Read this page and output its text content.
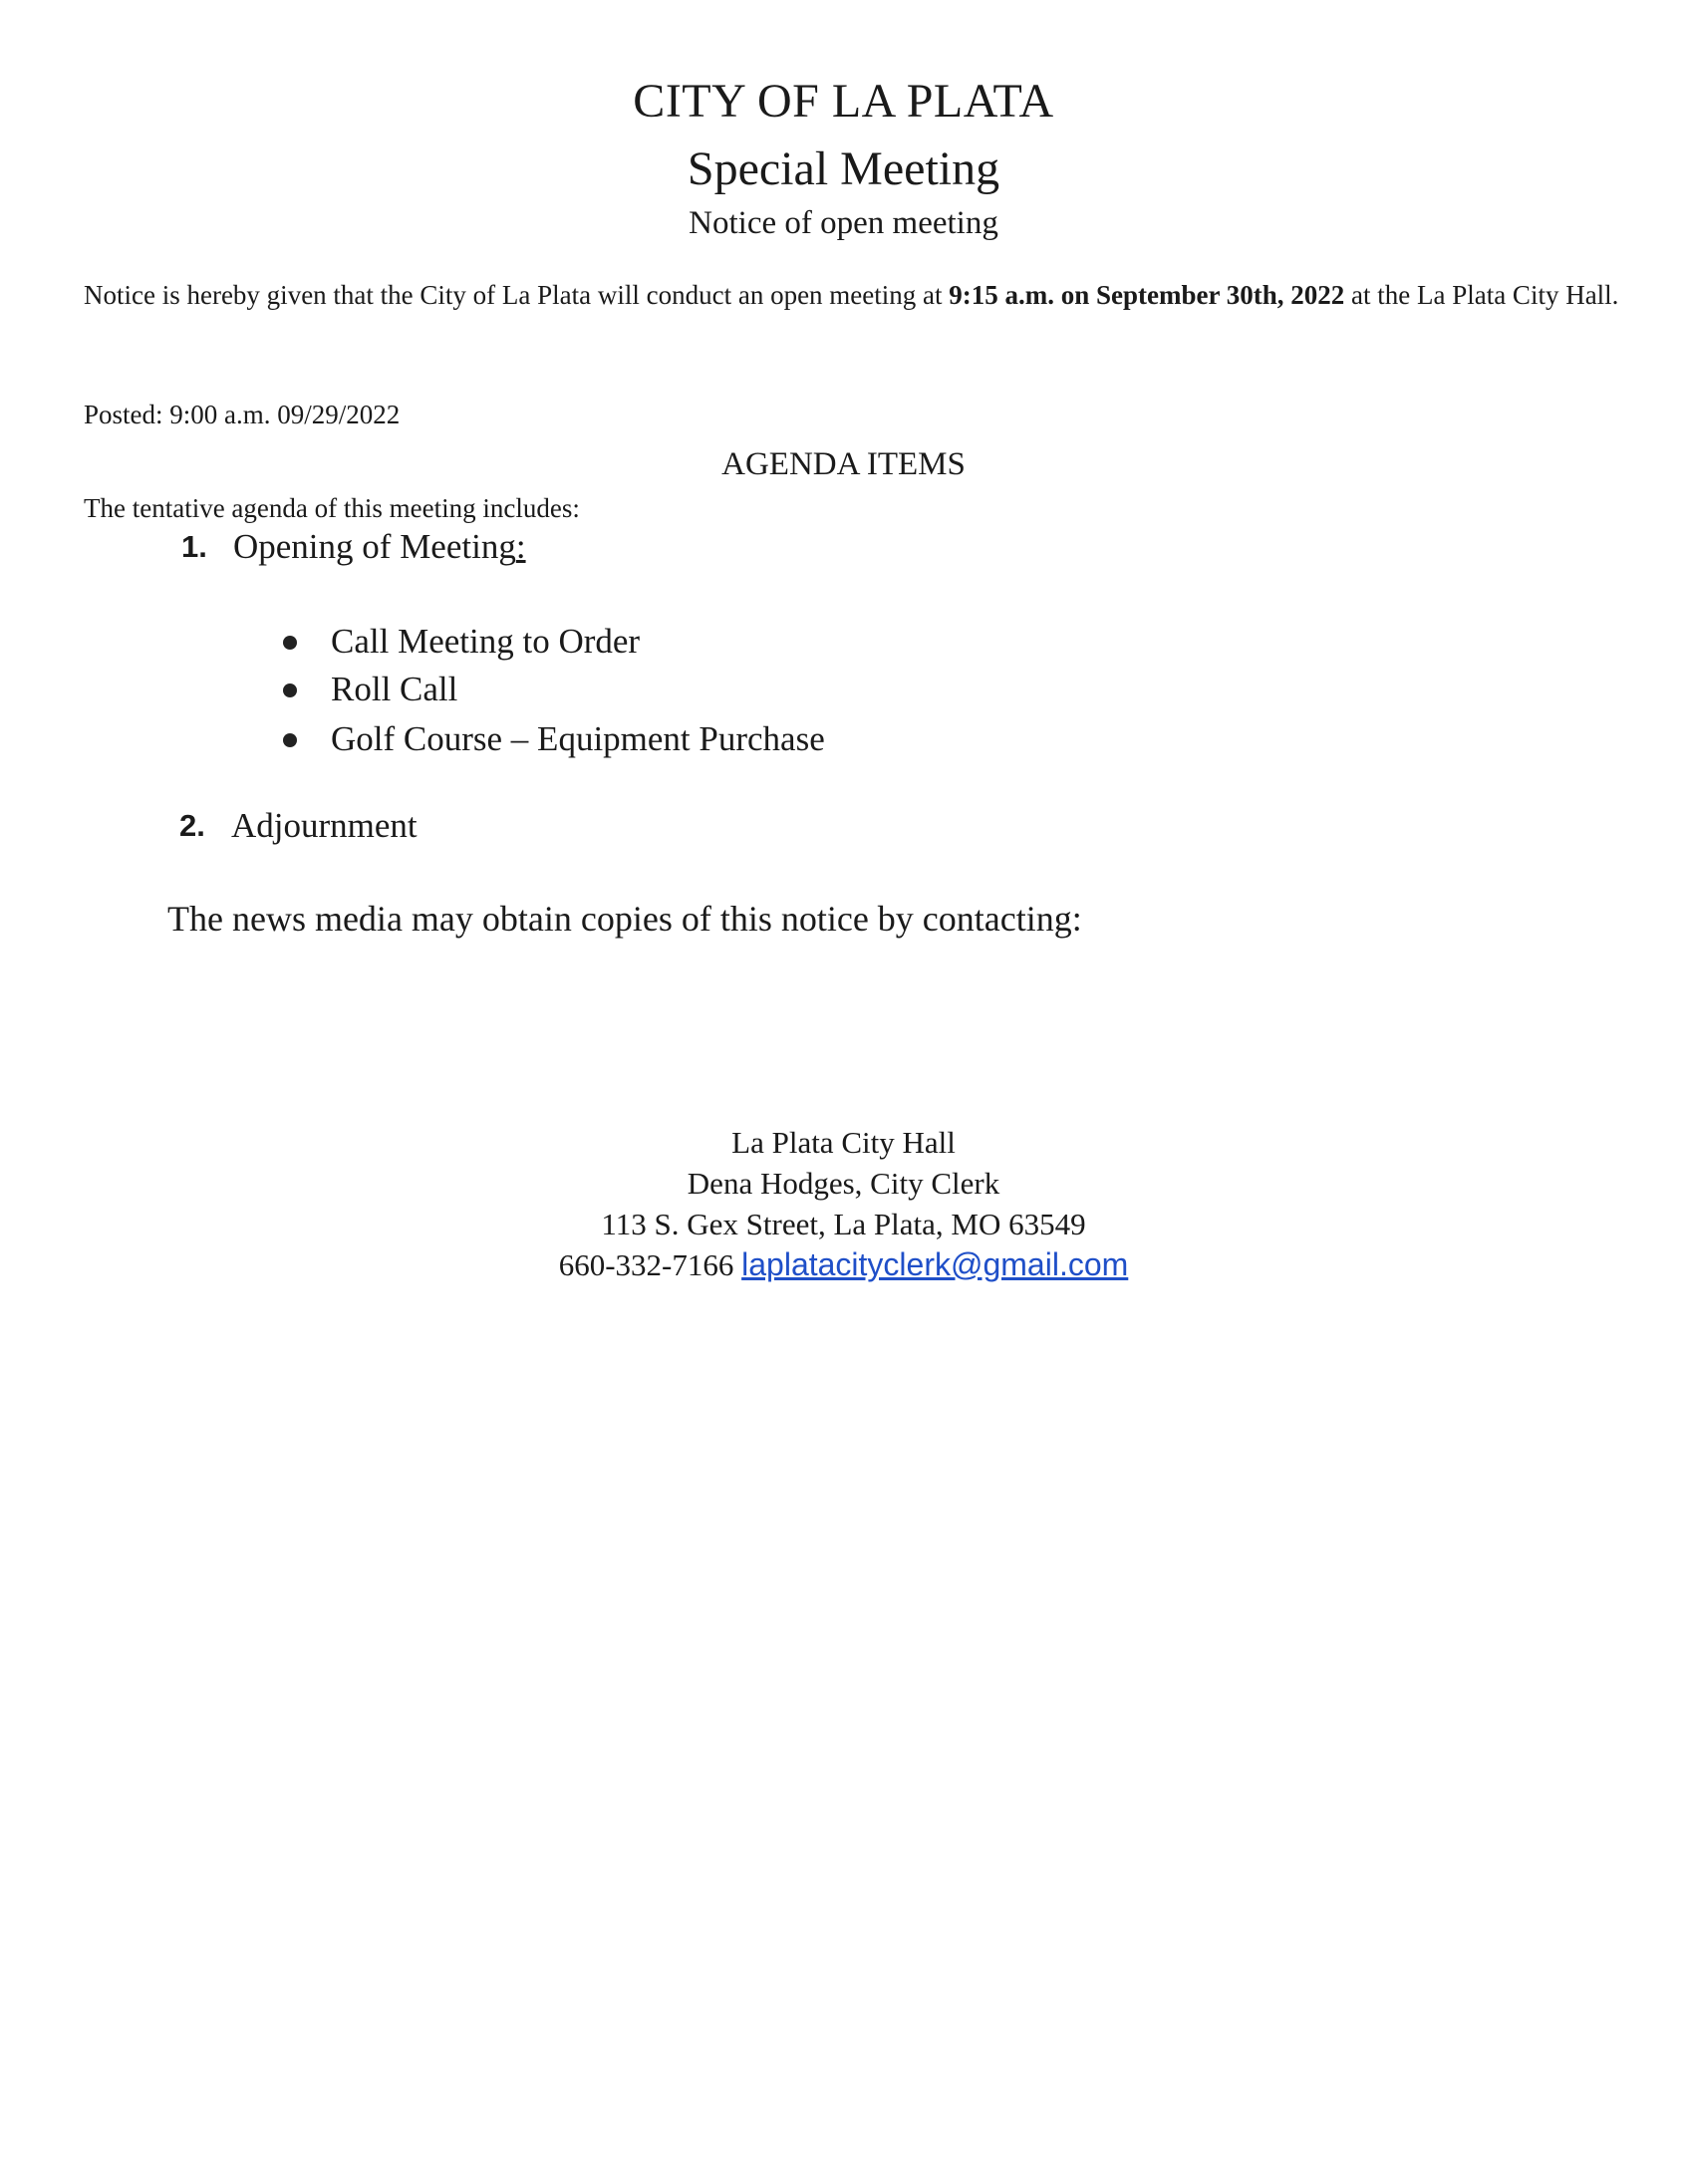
CITY OF LA PLATA
Special Meeting
Notice of open meeting
Notice is hereby given that the City of La Plata will conduct an open meeting at 9:15 a.m. on September 30th, 2022 at the La Plata City Hall.
Posted: 9:00 a.m. 09/29/2022
AGENDA ITEMS
The tentative agenda of this meeting includes:
1. Opening of Meeting:
Call Meeting to Order
Roll Call
Golf Course – Equipment Purchase
2. Adjournment
The news media may obtain copies of this notice by contacting:
La Plata City Hall
Dena Hodges, City Clerk
113 S. Gex Street, La Plata, MO 63549
660-332-7166 laplatacityclerk@gmail.com
